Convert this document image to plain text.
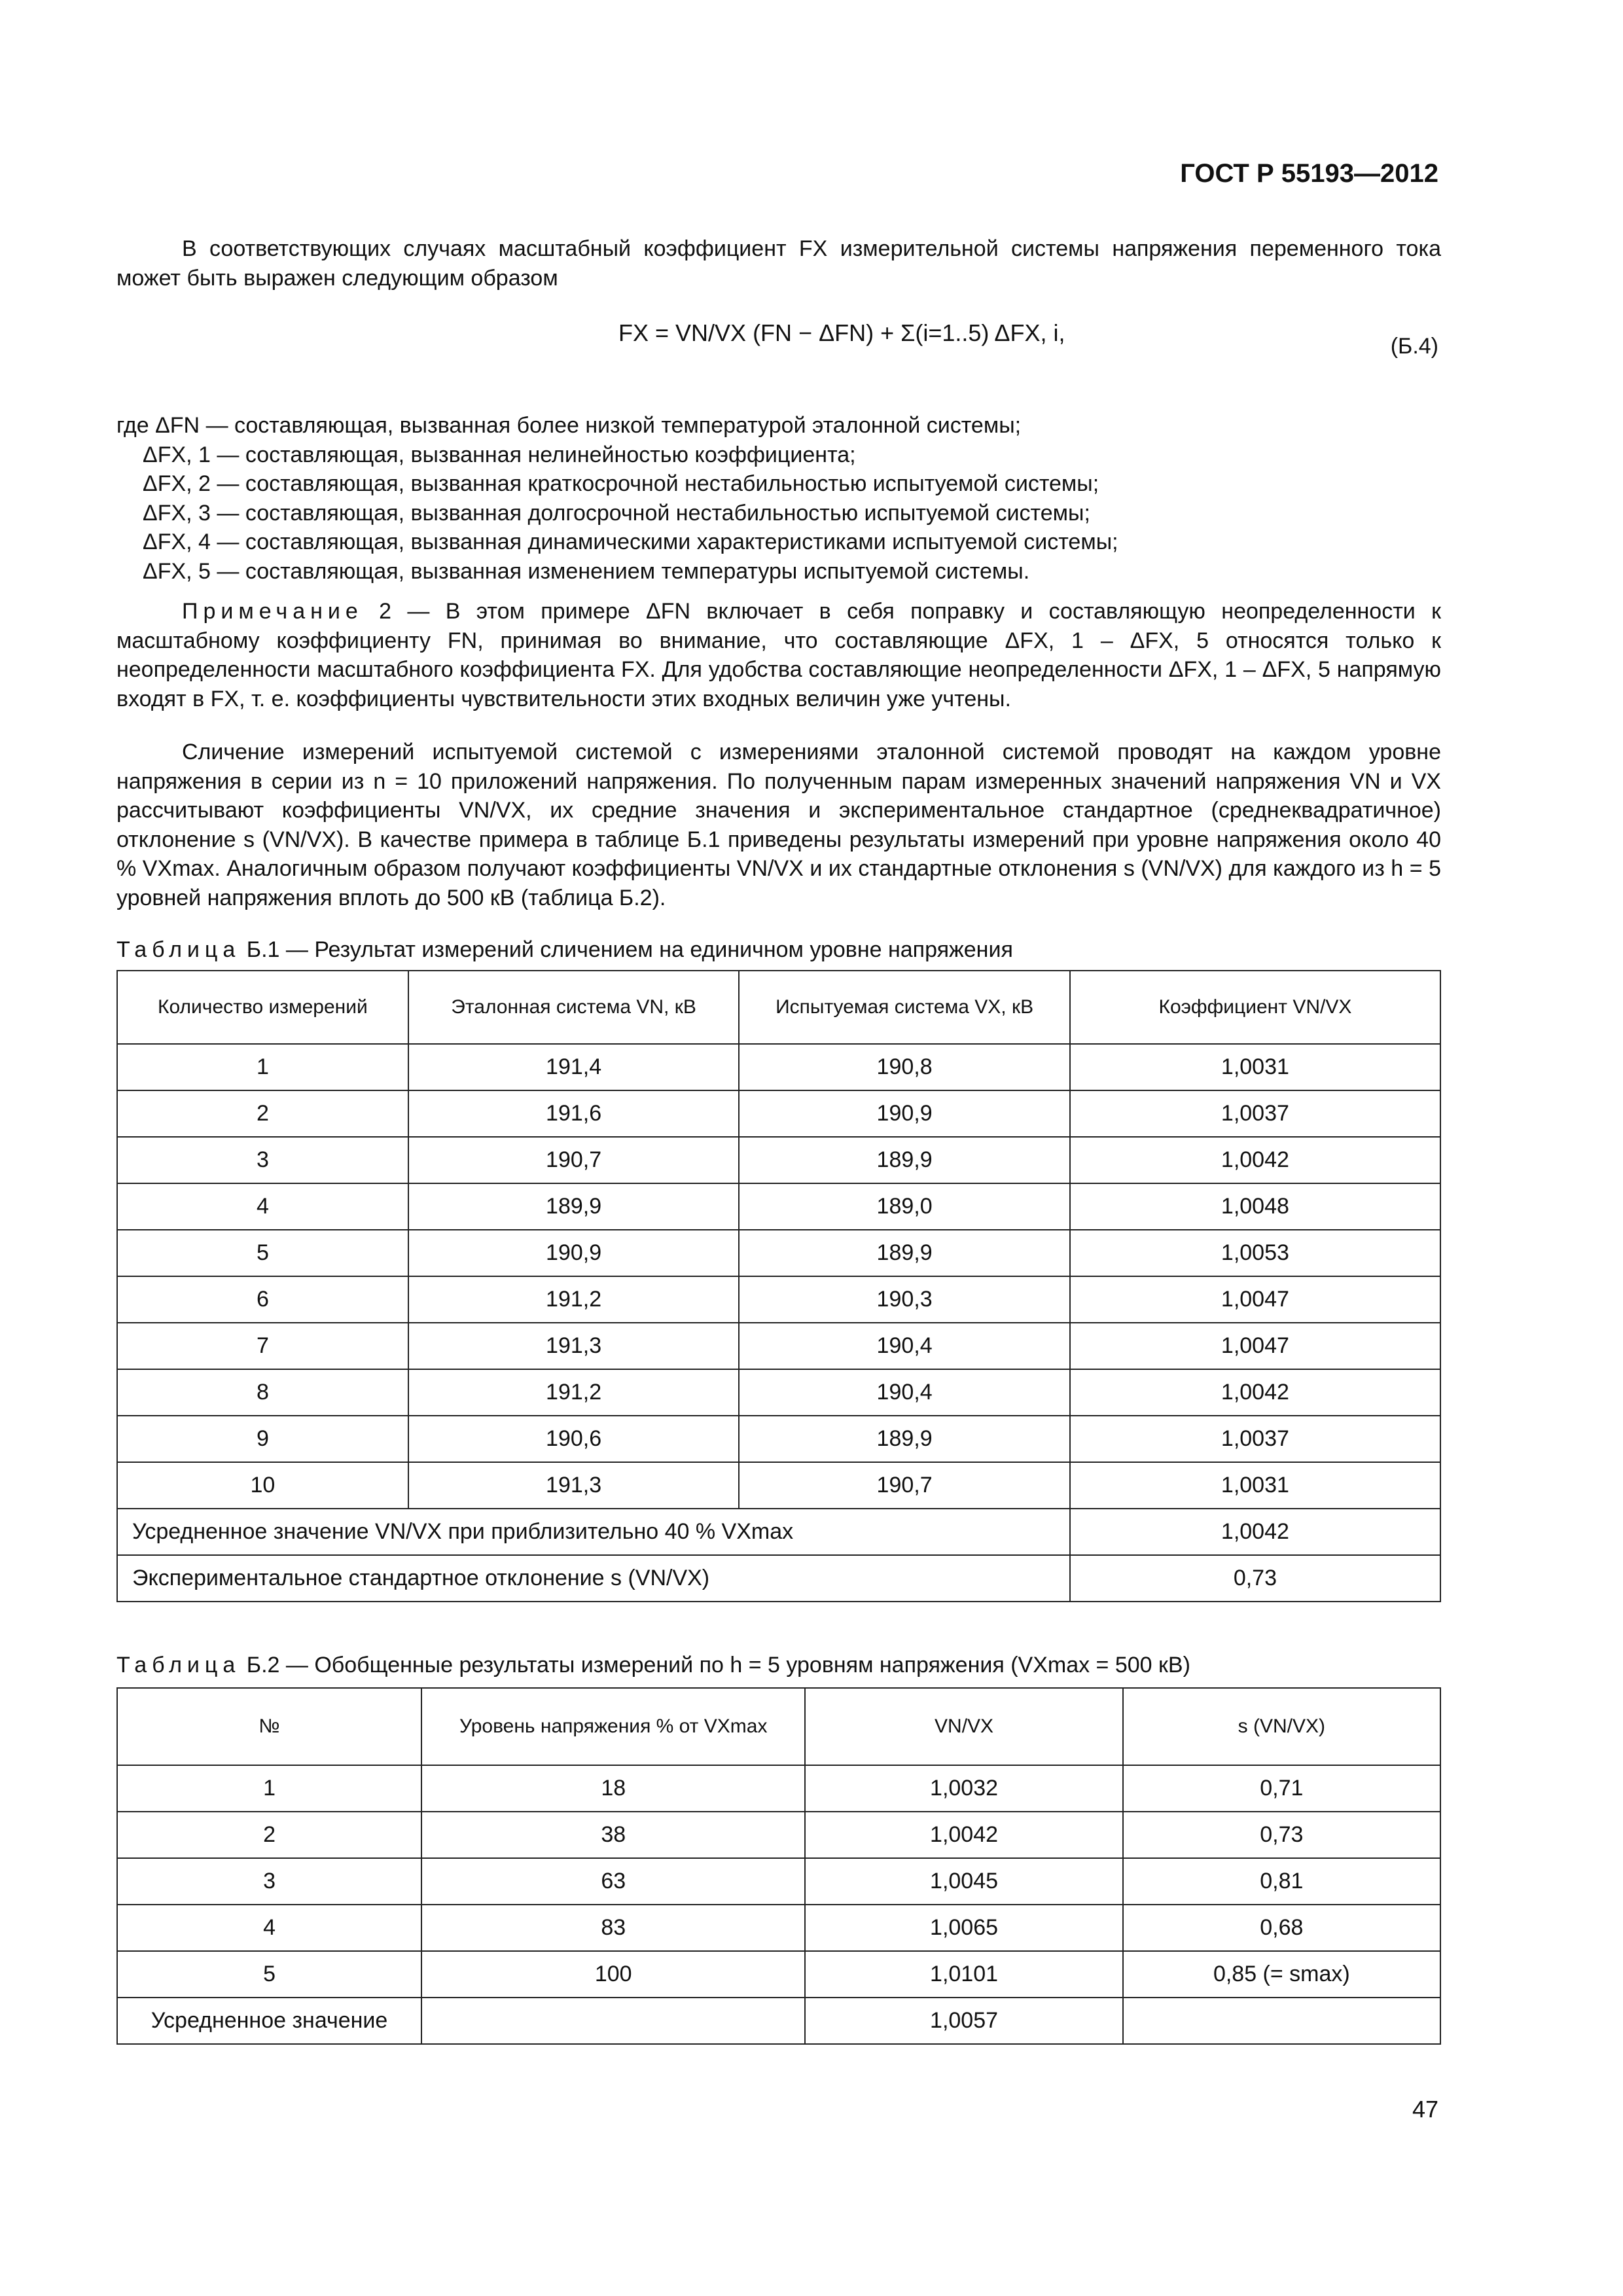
ГОСТ Р 55193—2012
В соответствующих случаях масштабный коэффициент FX измерительной системы напряжения переменного тока может быть выражен следующим образом
FX = VN/VX (FN − ΔFN) + Σ(i=1..5) ΔFX, i,	(Б.4)
где ΔFN — составляющая, вызванная более низкой температурой эталонной системы;
ΔFX, 1 — составляющая, вызванная нелинейностью коэффициента;
ΔFX, 2 — составляющая, вызванная краткосрочной нестабильностью испытуемой системы;
ΔFX, 3 — составляющая, вызванная долгосрочной нестабильностью испытуемой системы;
ΔFX, 4 — составляющая, вызванная динамическими характеристиками испытуемой системы;
ΔFX, 5 — составляющая, вызванная изменением температуры испытуемой системы.
Примечание 2 — В этом примере ΔFN включает в себя поправку и составляющую неопределенности к масштабному коэффициенту FN, принимая во внимание, что составляющие ΔFX, 1 – ΔFX, 5 относятся только к неопределенности масштабного коэффициента FX. Для удобства составляющие неопределенности ΔFX, 1 – ΔFX, 5 напрямую входят в FX, т. е. коэффициенты чувствительности этих входных величин уже учтены.
Сличение измерений испытуемой системой с измерениями эталонной системой проводят на каждом уровне напряжения в серии из n = 10 приложений напряжения. По полученным парам измеренных значений напряжения VN и VX рассчитывают коэффициенты VN/VX, их средние значения и экспериментальное стандартное (среднеквадратичное) отклонение s (VN/VX). В качестве примера в таблице Б.1 приведены результаты измерений при уровне напряжения около 40 % VXmax. Аналогичным образом получают коэффициенты VN/VX и их стандартные отклонения s (VN/VX) для каждого из h = 5 уровней напряжения вплоть до 500 кВ (таблица Б.2).
Таблица Б.1 — Результат измерений сличением на единичном уровне напряжения
Количество измерений	Эталонная система VN, кВ	Испытуемая система VX, кВ	Коэффициент VN/VX
1	191,4	190,8	1,0031
2	191,6	190,9	1,0037
3	190,7	189,9	1,0042
4	189,9	189,0	1,0048
5	190,9	189,9	1,0053
6	191,2	190,3	1,0047
7	191,3	190,4	1,0047
8	191,2	190,4	1,0042
9	190,6	189,9	1,0037
10	191,3	190,7	1,0031
Усредненное значение VN/VX при приблизительно 40 % VXmax			1,0042
Экспериментальное стандартное отклонение s (VN/VX)			0,73
Таблица Б.2 — Обобщенные результаты измерений по h = 5 уровням напряжения (VXmax = 500 кВ)
№	Уровень напряжения % от VXmax	VN/VX	s (VN/VX)
1	18	1,0032	0,71
2	38	1,0042	0,73
3	63	1,0045	0,81
4	83	1,0065	0,68
5	100	1,0101	0,85 (= smax)
Усредненное значение		1,0057	
47
